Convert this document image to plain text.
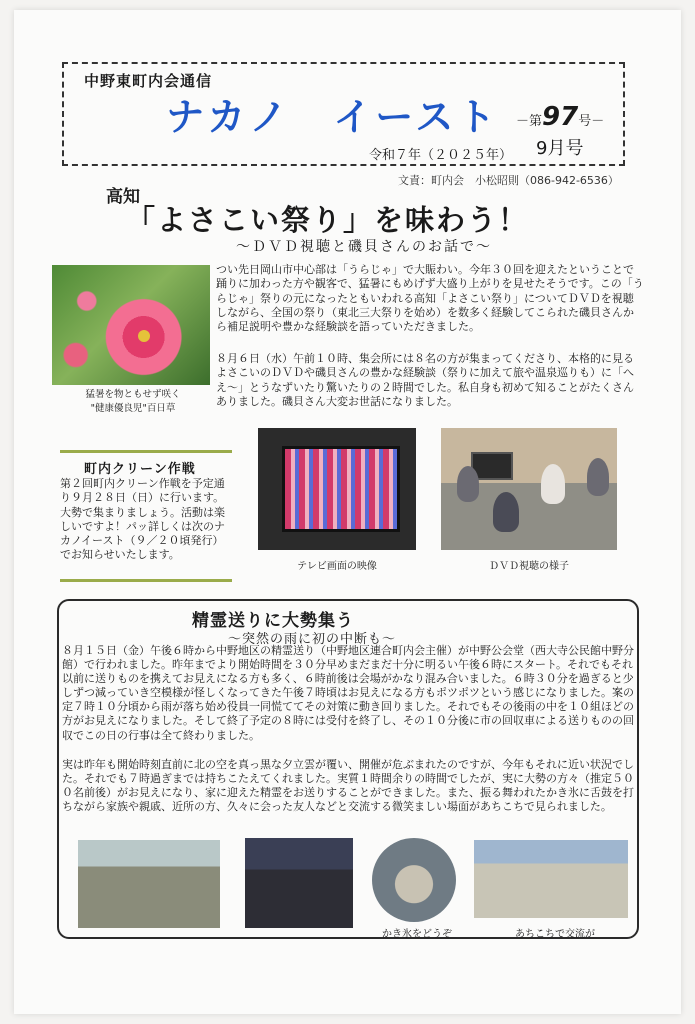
中野東町内会通信
ナカノ　イースト －第97号－
令和７年（２０２５年） 9月号
文責：町内会　小松昭則（086-942-6536）
高知
「よさこい祭り」を味わう！
～ＤＶＤ視聴と磯貝さんのお話で～
猛暑を物ともせず咲く
"健康優良児"百日草

つい先日岡山市中心部は「うらじゃ」で大賑わい。今年３０回を迎えたということで踊りに加わった方や観客で、猛暑にもめげず大盛り上がりを見せたそうです。この「うらじゃ」祭りの元になったともいわれる高知「よさこい祭り」についてＤＶＤを視聴しながら、全国の祭り（東北三大祭りを始め）を数多く経験してこられた磯貝さんから補足説明や豊かな経験談を語っていただきました。

８月６日（水）午前１０時、集会所には８名の方が集まってくださり、本格的に見るよさこいのＤＶＤや磯貝さんの豊かな経験談（祭りに加えて旅や温泉巡りも）に「へえ～」とうなずいたり驚いたりの２時間でした。私自身も初めて知ることがたくさんありました。磯貝さん大変お世話になりました。

町内クリーン作戦

第２回町内クリーン作戦を予定通り９月２８日（日）に行います。大勢で集まりましょう。活動は楽しいですよ！パッ詳しくは次のナカノイースト（９／２０頃発行）でお知らせいたします。

テレビ画面の映像	ＤＶＤ視聴の様子
精霊送りに大勢集う
～突然の雨に初の中断も～

８月１５日（金）午後６時から中野地区の精霊送り（中野地区連合町内会主催）が中野公会堂（西大寺公民館中野分館）で行われました。昨年までより開始時間を３０分早めまだまだ十分に明るい午後６時にスタート。それでもそれ以前に送りものを携えてお見えになる方も多く、６時前後は会場がかなり混み合いました。６時３０分を過ぎると少しずつ減っていき空模様が怪しくなってきた午後７時頃はお見えになる方もポツポツという感じになりました。案の定７時１０分頃から雨が落ち始め役員一同慌ててその対策に動き回りました。それでもその後雨の中を１０組ほどの方がお見えになりました。そして終了予定の８時には受付を終了し、その１０分後に市の回収車による送りものの回収でこの日の行事は全て終わりました。

実は昨年も開始時刻直前に北の空を真っ黒な夕立雲が覆い、開催が危ぶまれたのですが、今年もそれに近い状況でした。それでも７時過ぎまでは持ちこたえてくれました。実質１時間余りの時間でしたが、実に大勢の方々（推定５００名前後）がお見えになり、家に迎えた精霊をお送りすることができました。また、振る舞われたかき氷に舌鼓を打ちながら家族や親戚、近所の方、久々に会った友人などと交流する微笑ましい場面があちこちで見られました。

かき氷をどうぞ	あちこちで交流が
